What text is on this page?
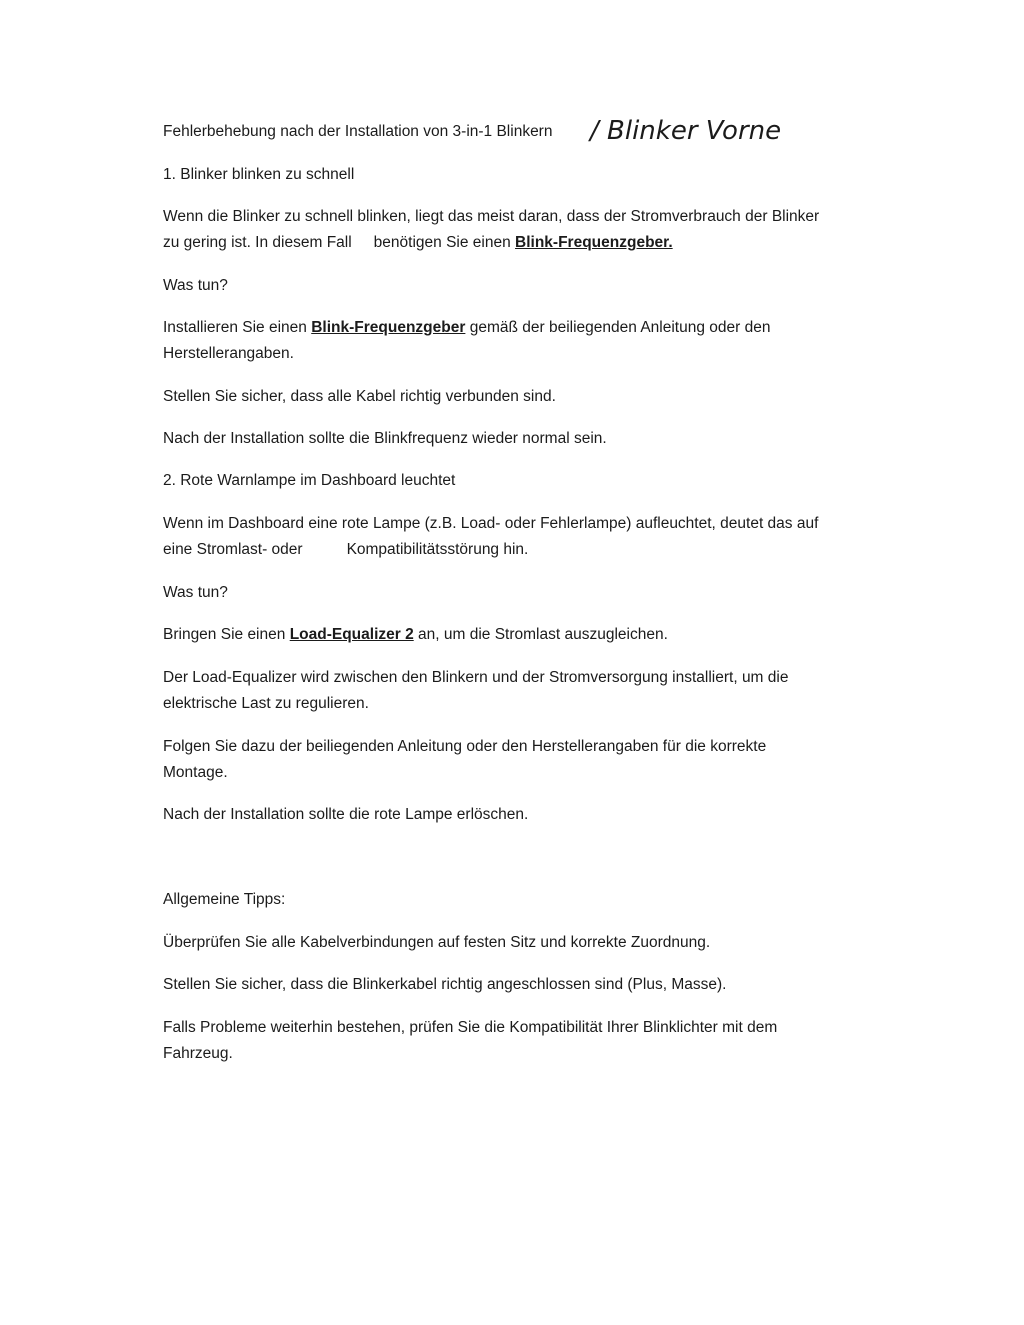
Fehlerbehebung nach der Installation von 3-in-1 Blinkern	/ Blinker Vorne

1. Blinker blinken zu schnell

Wenn die Blinker zu schnell blinken, liegt das meist daran, dass der Stromverbrauch der Blinker

zu gering ist. In diesem Fall benötigen Sie einen Blink-Frequenzgeber.

Was tun?

Installieren Sie einen Blink-Frequenzgeber gemäß der beiliegenden Anleitung oder den

Herstellerangaben.

Stellen Sie sicher, dass alle Kabel richtig verbunden sind.

Nach der Installation sollte die Blinkfrequenz wieder normal sein.

2. Rote Warnlampe im Dashboard leuchtet

Wenn im Dashboard eine rote Lampe (z.B. Load- oder Fehlerlampe) aufleuchtet, deutet das auf

eine Stromlast- oder	Kompatibilitätsstörung hin.

Was tun?

Bringen Sie einen Load-Equalizer 2 an, um die Stromlast auszugleichen.

Der Load-Equalizer wird zwischen den Blinkern und der Stromversorgung installiert, um die

elektrische Last zu regulieren.

Folgen Sie dazu der beiliegenden Anleitung oder den Herstellerangaben für die korrekte

Montage.

Nach der Installation sollte die rote Lampe erlöschen.

Allgemeine Tipps:

Überprüfen Sie alle Kabelverbindungen auf festen Sitz und korrekte Zuordnung.

Stellen Sie sicher, dass die Blinkerkabel richtig angeschlossen sind (Plus, Masse).

Falls Probleme weiterhin bestehen, prüfen Sie die Kompatibilität Ihrer Blinklichter mit dem

Fahrzeug.
